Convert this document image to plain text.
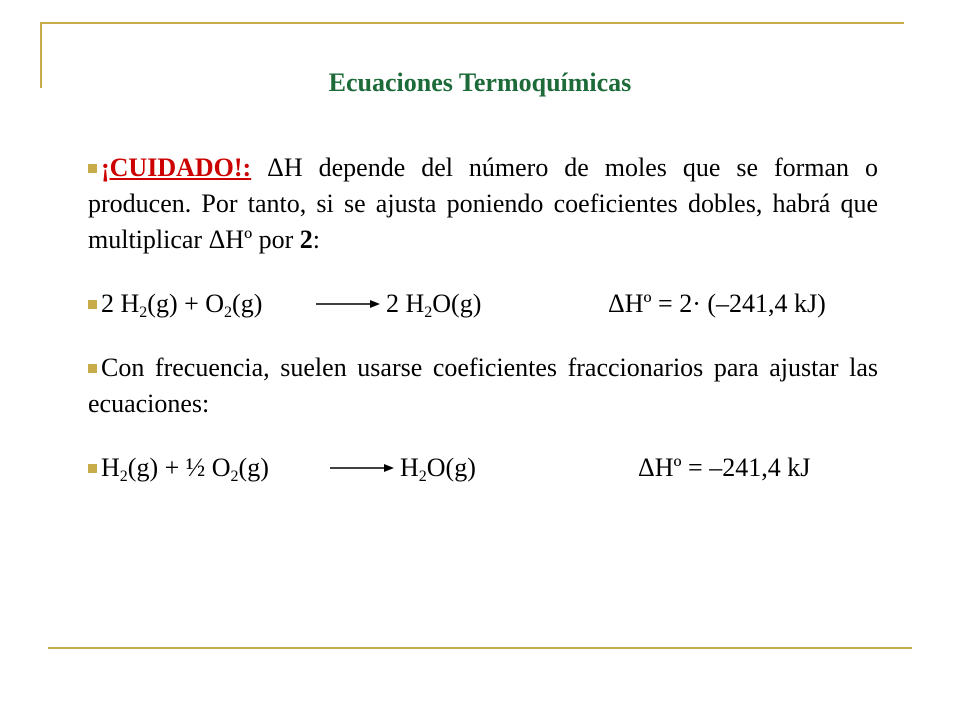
Ecuaciones Termoquímicas
¡CUIDADO!: ΔH depende del número de moles que se forman o producen. Por tanto, si se ajusta poniendo coeficientes dobles, habrá que multiplicar ΔHº por 2:
2 $H_2(g) + O_2(g) \to 2$ $H_2O(g)$	ΔHº = 2· (–241,4 kJ)
Con frecuencia, suelen usarse coeficientes fraccionarios para ajustar las ecuaciones:
$H_2(g)$ + ½ $O_2(g) \to H_2O(g)$	ΔHº = –241,4 kJ
